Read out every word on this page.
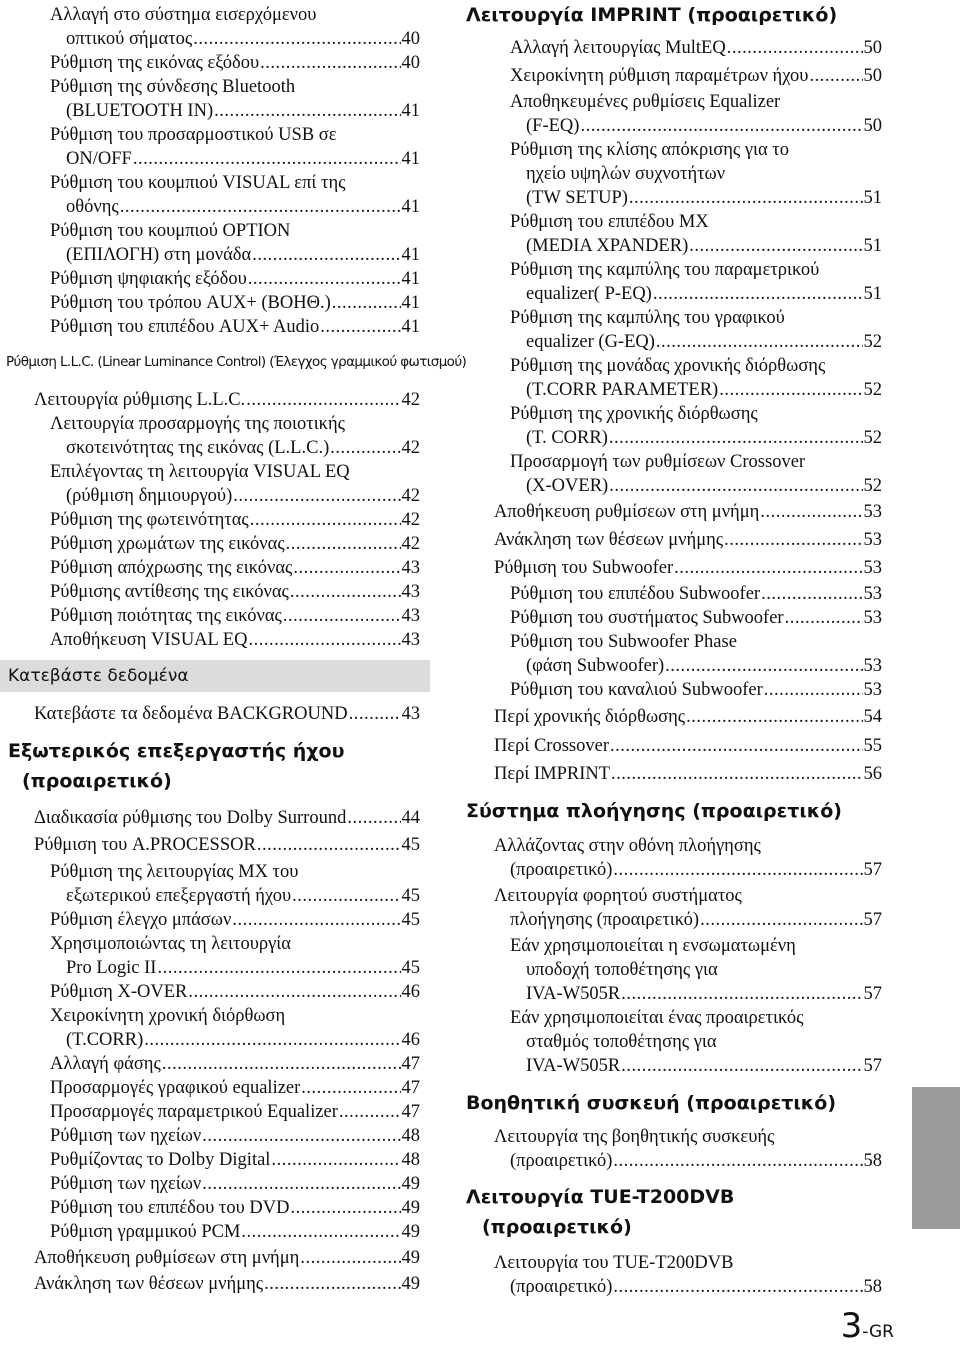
Αλλαγή στο σύστημα εισερχόμενου
οπτικού σήματος .....	40
Ρύθμιση της εικόνας εξόδου .....	40
Ρύθμιση της σύνδεσης Bluetooth
(BLUETOOTH IN) .....	41
Ρύθμιση του προσαρμοστικού USB σε
ON/OFF .....	41
Ρύθμιση του κουμπιού VISUAL επί της
οθόνης .....	41
Ρύθμιση του κουμπιού OPTION
(ΕΠΙΛΟΓΗ) στη μονάδα .....	41
Ρύθμιση ψηφιακής εξόδου .....	41
Ρύθμιση του τρόπου AUX+ (ΒΟΗΘ.) .....	41
Ρύθμιση του επιπέδου AUX+ Audio .....	41
Ρύθμιση L.L.C. (Linear Luminance Control) (Έλεγχος γραμμικού φωτισμού)
Λειτουργία ρύθμισης L.L.C. .....	42
Λειτουργία προσαρμογής της ποιοτικής
σκοτεινότητας της εικόνας (L.L.C.) .....	42
Επιλέγοντας τη λειτουργία VISUAL EQ
(ρύθμιση δημιουργού) .....	42
Ρύθμιση της φωτεινότητας .....	42
Ρύθμιση χρωμάτων της εικόνας .....	42
Ρύθμιση απόχρωσης της εικόνας .....	43
Ρύθμισης αντίθεσης της εικόνας .....	43
Ρύθμιση ποιότητας της εικόνας .....	43
Αποθήκευση VISUAL EQ .....	43
Κατεβάστε δεδομένα
Κατεβάστε τα δεδομένα BACKGROUND .....	43
Εξωτερικός επεξεργαστής ήχου
(προαιρετικό)
Διαδικασία ρύθμισης του Dolby Surround .....	44
Ρύθμιση του A.PROCESSOR .....	45
Ρύθμιση της λειτουργίας MX του
εξωτερικού επεξεργαστή ήχου .....	45
Ρύθμιση έλεγχο μπάσων .....	45
Χρησιμοποιώντας τη λειτουργία
Pro Logic II .....	45
Ρύθμιση X-OVER .....	46
Χειροκίνητη χρονική διόρθωση
(T.CORR) .....	46
Αλλαγή φάσης .....	47
Προσαρμογές γραφικού equalizer .....	47
Προσαρμογές παραμετρικού Equalizer .....	47
Ρύθμιση των ηχείων .....	48
Ρυθμίζοντας το Dolby Digital .....	48
Ρύθμιση των ηχείων .....	49
Ρύθμιση του επιπέδου του DVD .....	49
Ρύθμιση γραμμικού PCM .....	49
Αποθήκευση ρυθμίσεων στη μνήμη .....	49
Ανάκληση των θέσεων μνήμης .....	49
Λειτουργία IMPRINT (προαιρετικό)
Αλλαγή λειτουργίας MultEQ .....	50
Χειροκίνητη ρύθμιση παραμέτρων ήχου .....	50
Αποθηκευμένες ρυθμίσεις Equalizer
(F-EQ) .....	50
Ρύθμιση της κλίσης απόκρισης για το
ηχείο υψηλών συχνοτήτων
(TW SETUP) .....	51
Ρύθμιση του επιπέδου MX
(MEDIA XPANDER) .....	51
Ρύθμιση της καμπύλης του παραμετρικού
equalizer( P-EQ) .....	51
Ρύθμιση της καμπύλης του γραφικού
equalizer (G-EQ) .....	52
Ρύθμιση της μονάδας χρονικής διόρθωσης
(T.CORR PARAMETER) .....	52
Ρύθμιση της χρονικής διόρθωσης
(T. CORR) .....	52
Προσαρμογή των ρυθμίσεων Crossover
(X-OVER) .....	52
Αποθήκευση ρυθμίσεων στη μνήμη .....	53
Ανάκληση των θέσεων μνήμης .....	53
Ρύθμιση του Subwoofer .....	53
Ρύθμιση του επιπέδου Subwoofer .....	53
Ρύθμιση του συστήματος Subwoofer .....	53
Ρύθμιση του Subwoofer Phase
(φάση Subwoofer) .....	53
Ρύθμιση του καναλιού Subwoofer .....	53
Περί χρονικής διόρθωσης .....	54
Περί Crossover .....	55
Περί IMPRINT .....	56
Σύστημα πλοήγησης (προαιρετικό)
Αλλάζοντας στην οθόνη πλοήγησης
(προαιρετικό) .....	57
Λειτουργία φορητού συστήματος
πλοήγησης (προαιρετικό) .....	57
Εάν χρησιμοποιείται η ενσωματωμένη
υποδοχή τοποθέτησης για
IVA-W505R .....	57
Εάν χρησιμοποιείται ένας προαιρετικός
σταθμός τοποθέτησης για
IVA-W505R .....	57
Βοηθητική συσκευή (προαιρετικό)
Λειτουργία της βοηθητικής συσκευής
(προαιρετικό) .....	58
Λειτουργία TUE-T200DVB
(προαιρετικό)
Λειτουργία του TUE-T200DVB
(προαιρετικό) .....	58
3-GR
